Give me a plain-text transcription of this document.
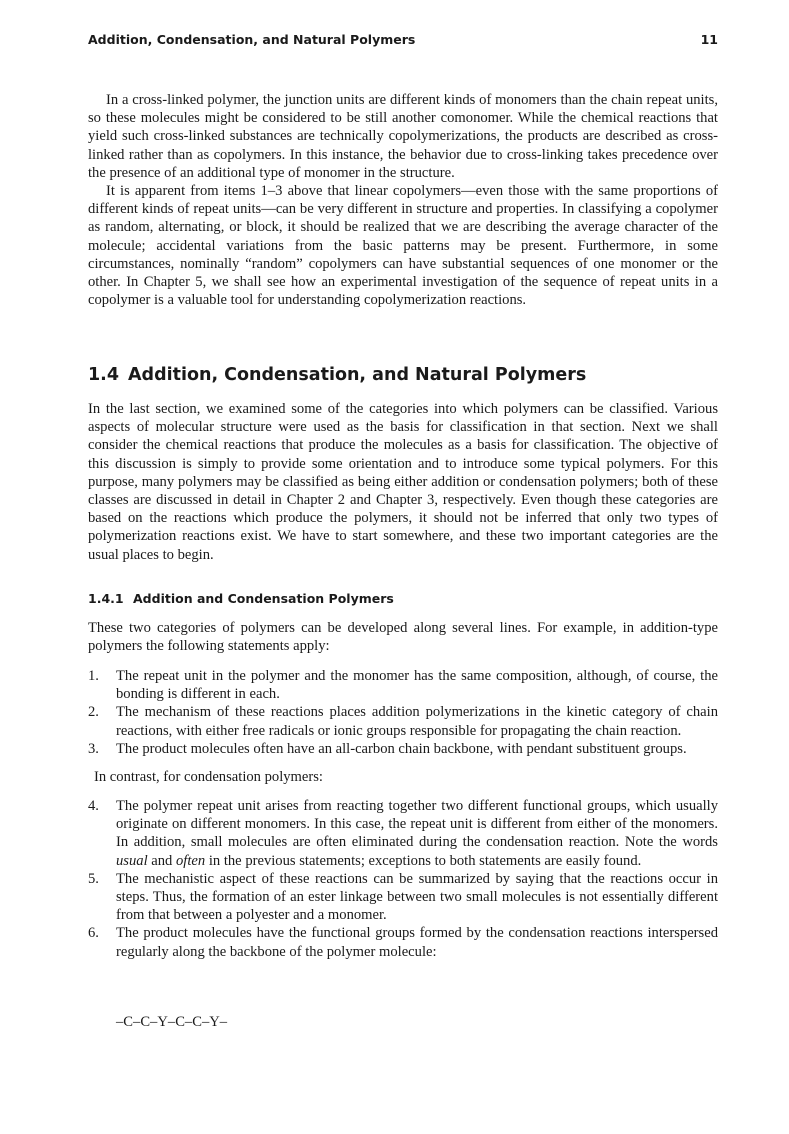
Addition, Condensation, and Natural Polymers	11

In a cross-linked polymer, the junction units are different kinds of monomers than the chain repeat units, so these molecules might be considered to be still another comonomer. While the chemical reactions that yield such cross-linked substances are technically copolymerizations, the products are described as cross-linked rather than as copolymers. In this instance, the behavior due to cross-linking takes precedence over the presence of an additional type of monomer in the structure.

It is apparent from items 1–3 above that linear copolymers—even those with the same proportions of different kinds of repeat units—can be very different in structure and properties. In classifying a copolymer as random, alternating, or block, it should be realized that we are describing the average character of the molecule; accidental variations from the basic patterns may be present. Furthermore, in some circumstances, nominally “random” copolymers can have substantial sequences of one monomer or the other. In Chapter 5, we shall see how an experimental investigation of the sequence of repeat units in a copolymer is a valuable tool for understanding copolymerization reactions.

1.4 Addition, Condensation, and Natural Polymers

In the last section, we examined some of the categories into which polymers can be classified. Various aspects of molecular structure were used as the basis for classification in that section. Next we shall consider the chemical reactions that produce the molecules as a basis for classification. The objective of this discussion is simply to provide some orientation and to introduce some typical polymers. For this purpose, many polymers may be classified as being either addition or condensation polymers; both of these classes are discussed in detail in Chapter 2 and Chapter 3, respectively. Even though these categories are based on the reactions which produce the polymers, it should not be inferred that only two types of polymerization reactions exist. We have to start somewhere, and these two important categories are the usual places to begin.

1.4.1 Addition and Condensation Polymers

These two categories of polymers can be developed along several lines. For example, in addition-type polymers the following statements apply:

1. The repeat unit in the polymer and the monomer has the same composition, although, of course, the bonding is different in each.
2. The mechanism of these reactions places addition polymerizations in the kinetic category of chain reactions, with either free radicals or ionic groups responsible for propagating the chain reaction.
3. The product molecules often have an all-carbon chain backbone, with pendant substituent groups.

In contrast, for condensation polymers:

4. The polymer repeat unit arises from reacting together two different functional groups, which usually originate on different monomers. In this case, the repeat unit is different from either of the monomers. In addition, small molecules are often eliminated during the condensation reaction. Note the words usual and often in the previous statements; exceptions to both statements are easily found.
5. The mechanistic aspect of these reactions can be summarized by saying that the reactions occur in steps. Thus, the formation of an ester linkage between two small molecules is not essentially different from that between a polyester and a monomer.
6. The product molecules have the functional groups formed by the condensation reactions interspersed regularly along the backbone of the polymer molecule:
–C–C–Y–C–C–Y–
